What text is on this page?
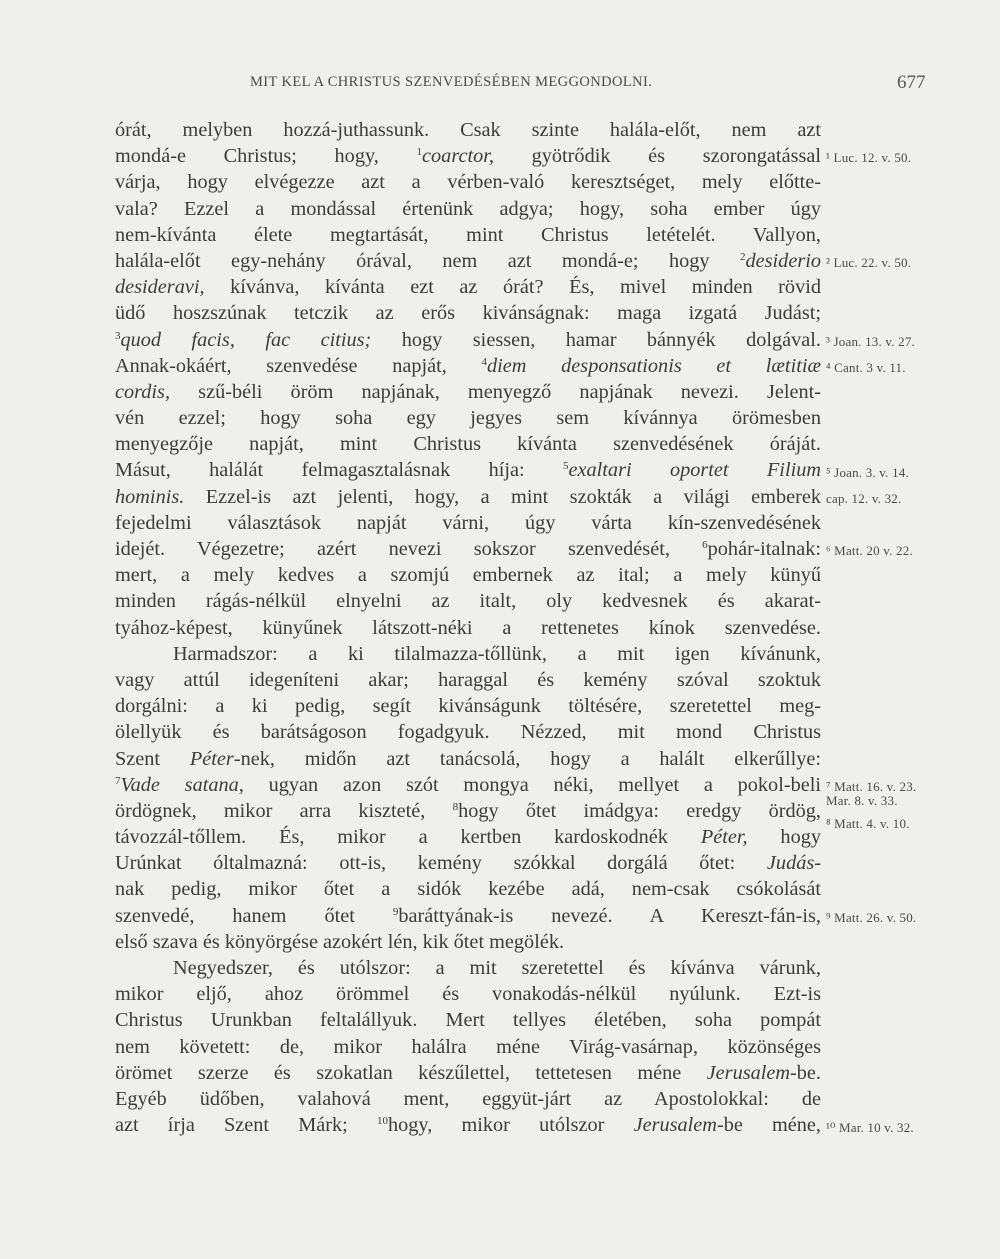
MIT KEL A CHRISTUS SZENVEDÉSÉBEN MEGGONDOLNI.	677
órát, melyben hozzá-juthassunk. Csak szinte halála-előt, nem azt
mondá-e Christus; hogy, $^1$coarctor, gyötrődik és szorongatással
várja, hogy elvégezze azt a vérben-való keresztséget, mely előtte-
vala? Ezzel a mondással értenünk adgya; hogy, soha ember úgy
nem-kívánta élete megtartását, mint Christus letételét. Vallyon,
halála-előt egy-nehány órával, nem azt mondá-e; hogy $^2$desiderio
desideravi, kívánva, kívánta ezt az órát? És, mivel minden rövid
üdő hoszszúnak tetczik az erős kivánságnak: maga izgatá Judást;
$^3$quod facis, fac citius; hogy siessen, hamar bánnyék dolgával.
Annak-okáért, szenvedése napját, $^4$diem desponsationis et lætitiæ
cordis, szű-béli öröm napjának, menyegző napjának nevezi. Jelent-
vén ezzel; hogy soha egy jegyes sem kívánnya örömesben
menyegzője napját, mint Christus kívánta szenvedésének óráját.
Másut, halálát felmagasztalásnak híja: $^5$exaltari oportet Filium
hominis. Ezzel-is azt jelenti, hogy, a mint szokták a világi emberek
fejedelmi választások napját várni, úgy várta kín-szenvedésének
idejét. Végezetre; azért nevezi sokszor szenvedését, $^6$pohár-italnak:
mert, a mely kedves a szomjú embernek az ital; a mely künyű
minden rágás-nélkül elnyelni az italt, oly kedvesnek és akarat-
tyához-képest, künyűnek látszott-néki a rettenetes kínok szenvedése.
Harmadszor: a ki tilalmazza-tőllünk, a mit igen kívánunk,
vagy attúl idegeníteni akar; haraggal és kemény szóval szoktuk
dorgálni: a ki pedig, segít kivánságunk töltésére, szeretettel meg-
ölellyük és barátságoson fogadgyuk. Nézzed, mit mond Christus
Szent Péter-nek, midőn azt tanácsolá, hogy a halált elkerűllye:
$^7$Vade satana, ugyan azon szót mongya néki, mellyet a pokol-beli
ördögnek, mikor arra kiszteté, $^8$hogy őtet imádgya: eredgy ördög,
távozzál-tőllem. És, mikor a kertben kardoskodnék Péter, hogy
Urúnkat óltalmazná: ott-is, kemény szókkal dorgálá őtet: Judás-
nak pedig, mikor őtet a sidók kezébe adá, nem-csak csókolását
szenvedé, hanem őtet $^9$baráttyának-is nevezé. A Kereszt-fán-is,
első szava és könyörgése azokért lén, kik őtet megölék.
Negyedszer, és utólszor: a mit szeretettel és kívánva várunk,
mikor eljő, ahoz örömmel és vonakodás-nélkül nyúlunk. Ezt-is
Christus Urunkban feltalállyuk. Mert tellyes életében, soha pompát
nem követett: de, mikor halálra méne Virág-vasárnap, közönséges
örömet szerze és szokatlan készűlettel, tettetesen méne Jerusalem-be.
Egyéb üdőben, valahová ment, eggyüt-járt az Apostolokkal: de
azt írja Szent Márk; $^{10}$hogy, mikor utólszor Jerusalem-be méne,
¹ Luc. 12. v. 50.
² Luc. 22. v. 50.
³ Joan. 13. v. 27.
⁴ Cant. 3 v. 11.
⁵ Joan. 3. v. 14.
cap. 12. v. 32.
⁶ Matt. 20 v. 22.
⁷ Matt. 16. v. 23.
Mar. 8. v. 33.
⁸ Matt. 4. v. 10.
⁹ Matt. 26. v. 50.
¹⁰ Mar. 10 v. 32.
